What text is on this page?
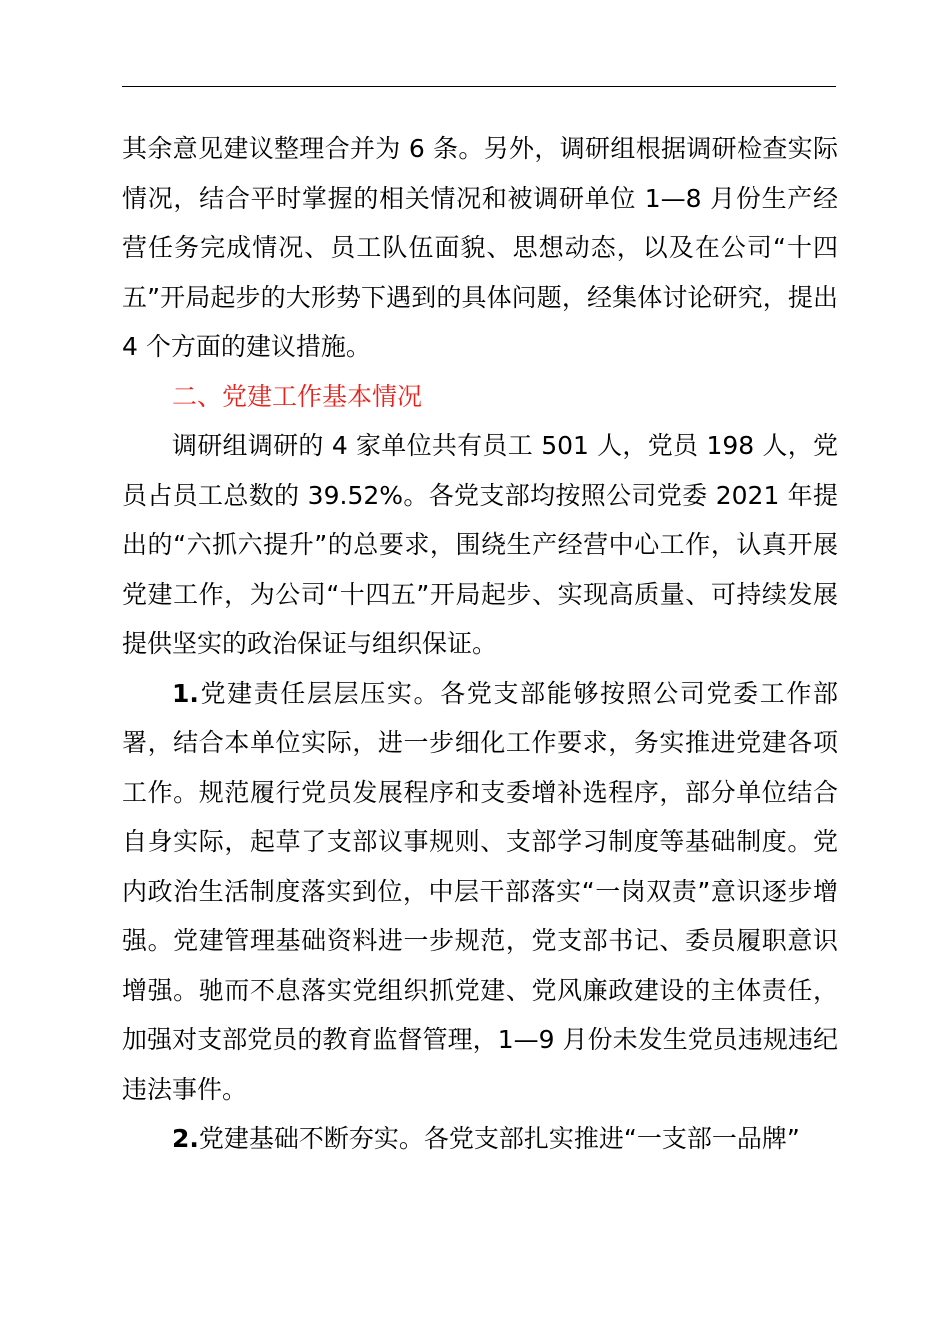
其余意见建议整理合并为 6 条。另外，调研组根据调研检查实际情况，结合平时掌握的相关情况和被调研单位 1—8 月份生产经营任务完成情况、员工队伍面貌、思想动态，以及在公司“十四五”开局起步的大形势下遇到的具体问题，经集体讨论研究，提出 4 个方面的建议措施。

二、党建工作基本情况

调研组调研的 4 家单位共有员工 501 人，党员 198 人，党员占员工总数的 39.52%。各党支部均按照公司党委 2021 年提出的“六抓六提升”的总要求，围绕生产经营中心工作，认真开展党建工作，为公司“十四五”开局起步、实现高质量、可持续发展提供坚实的政治保证与组织保证。

1.党建责任层层压实。各党支部能够按照公司党委工作部署，结合本单位实际，进一步细化工作要求，务实推进党建各项工作。规范履行党员发展程序和支委增补选程序，部分单位结合自身实际，起草了支部议事规则、支部学习制度等基础制度。党内政治生活制度落实到位，中层干部落实“一岗双责”意识逐步增强。党建管理基础资料进一步规范，党支部书记、委员履职意识增强。驰而不息落实党组织抓党建、党风廉政建设的主体责任，加强对支部党员的教育监督管理，1—9 月份未发生党员违规违纪违法事件。

2.党建基础不断夯实。各党支部扎实推进“一支部一品牌”
